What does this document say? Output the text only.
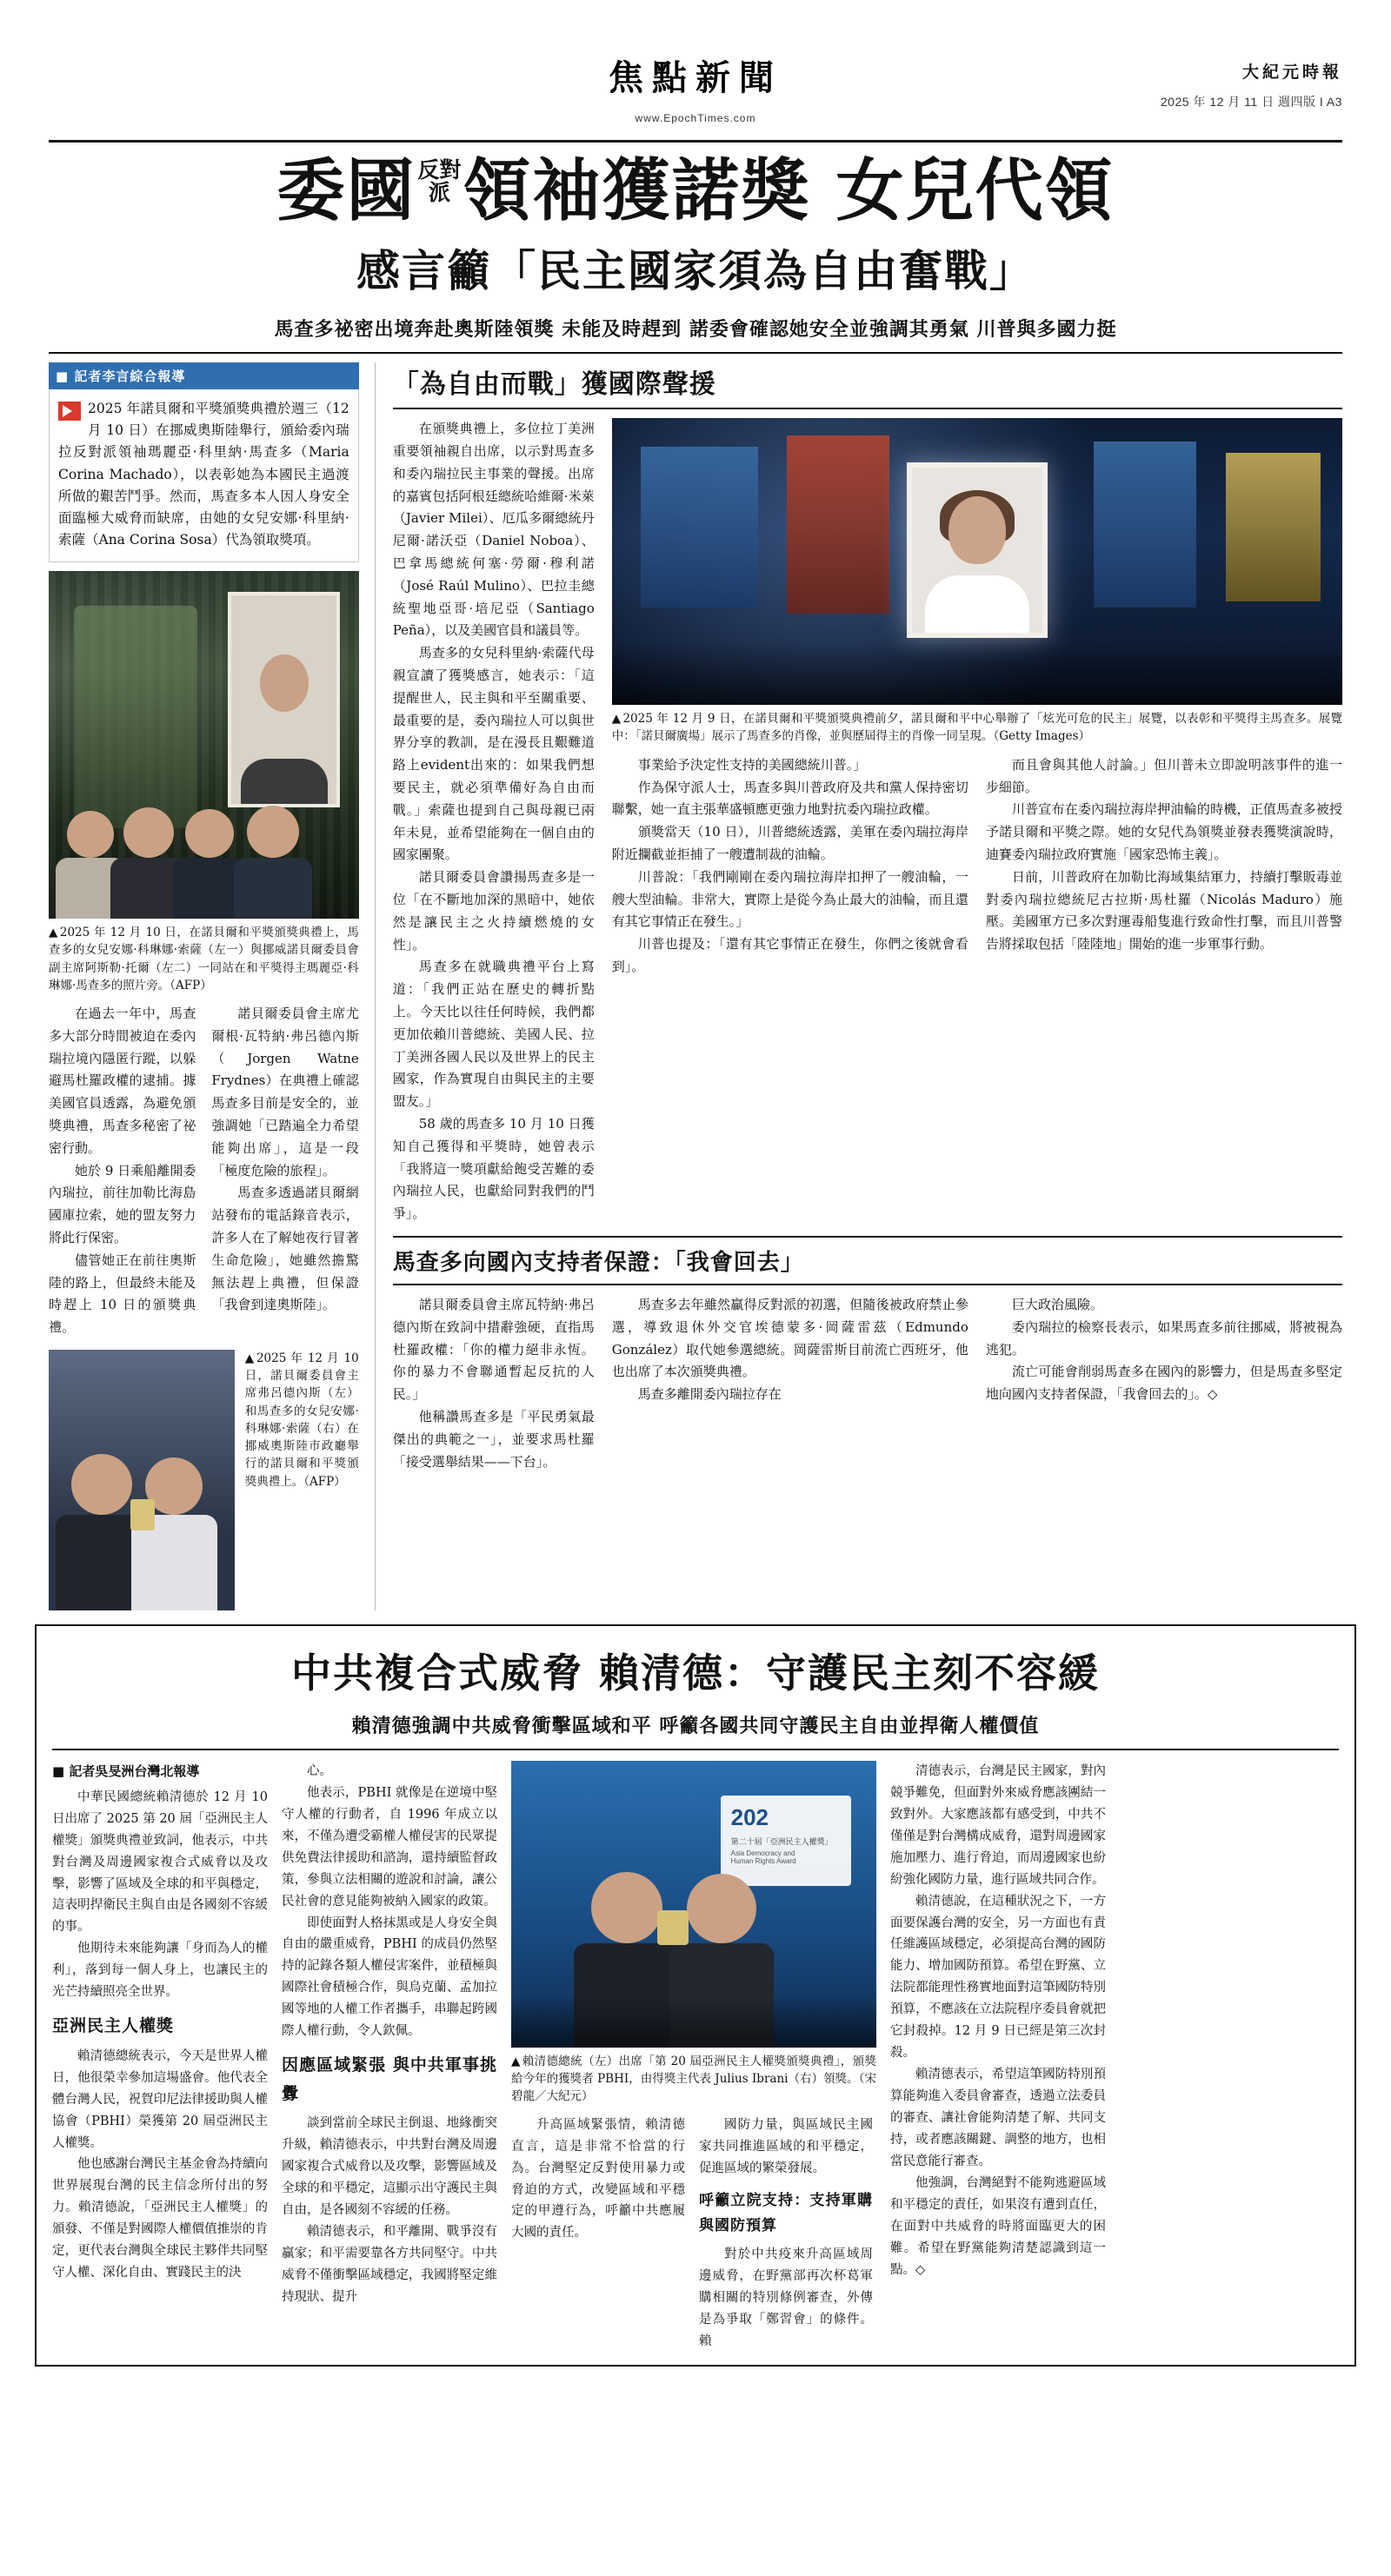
焦點新聞
www.EpochTimes.com
大紀元時報
2025 年 12 月 11 日 週四版 I A3
委國 反對
派 領袖獲諾獎 女兒代領
感言籲「民主國家須為自由奮戰」
馬查多祕密出境奔赴奧斯陸領獎 未能及時趕到 諾委會確認她安全並強調其勇氣 川普與多國力挺
■ 記者李言綜合報導
2025 年諾貝爾和平獎頒獎典禮於週三（12 月 10 日）在挪威奧斯陸舉行，頒給委內瑞拉反對派領袖瑪麗亞·科里納·馬查多（Maria Corina Machado），以表彰她為本國民主過渡所做的艱苦鬥爭。然而，馬查多本人因人身安全面臨極大威脅而缺席，由她的女兒安娜·科里納·索薩（Ana Corina Sosa）代為領取獎項。
▲ 2025 年 12 月 10 日，在諾貝爾和平獎頒獎典禮上，馬查多的女兒安娜·科琳娜·索薩（左一）與挪威諾貝爾委員會副主席阿斯勒·托爾（左二）一同站在和平獎得主瑪麗亞·科琳娜·馬查多的照片旁。（AFP）

在過去一年中，馬查多大部分時間被迫在委內瑞拉境內隱匿行蹤，以躲避馬杜羅政權的逮捕。據美國官員透露，為避免頒獎典禮，馬查多秘密了祕密行動。

她於 9 日乘船離開委內瑞拉，前往加勒比海島國庫拉索，她的盟友努力將此行保密。

儘管她正在前往奧斯陸的路上，但最終未能及時趕上 10 日的頒獎典禮。

諾貝爾委員會主席尤爾根·瓦特納·弗呂德內斯（Jorgen Watne Frydnes）在典禮上確認馬查多目前是安全的，並強調她「已踏遍全力希望能夠出席」，這是一段「極度危險的旅程」。

馬查多透過諾貝爾網站發布的電話錄音表示，許多人在了解她夜行冒著生命危險」，她雖然擔驚無法趕上典禮，但保證「我會到達奧斯陸」。

▲ 2025 年 12 月 10 日，諾貝爾委員會主席弗呂德內斯（左）和馬查多的女兒安娜·科琳娜·索薩（右）在挪威奧斯陸市政廳舉行的諾貝爾和平獎頒獎典禮上。（AFP）
「為自由而戰」獲國際聲援

在頒獎典禮上，多位拉丁美洲重要領袖親自出席，以示對馬查多和委內瑞拉民主事業的聲援。出席的嘉賓包括阿根廷總統哈維爾·米萊（Javier Milei）、厄瓜多爾總統丹尼爾·諾沃亞（Daniel Noboa）、巴拿馬總統何塞·勞爾·穆利諾（José Raúl Mulino）、巴拉圭總統聖地亞哥·培尼亞（Santiago Peña），以及美國官員和議員等。

馬查多的女兒科里納·索薩代母親宣讀了獲獎感言，她表示：「這提醒世人，民主與和平至關重要、最重要的是，委內瑞拉人可以與世界分享的教訓，是在漫長且艱難道路上evident出來的：如果我們想要民主，就必須準備好為自由而戰。」索薩也提到自己與母親已兩年未見，並希望能夠在一個自由的國家團聚。

諾貝爾委員會讚揚馬查多是一位「在不斷地加深的黑暗中，她依然是讓民主之火持續燃燒的女性」。

馬查多在就職典禮平台上寫道：「我們正站在歷史的轉折點上。今天比以往任何時候，我們都更加依賴川普總統、美國人民、拉丁美洲各國人民以及世界上的民主國家，作為實現自由與民主的主要盟友。」

58 歲的馬查多 10 月 10 日獲知自己獲得和平獎時，她曾表示「我將這一獎項獻給飽受苦難的委內瑞拉人民，也獻給同對我們的鬥爭」。

▲ 2025 年 12 月 9 日，在諾貝爾和平獎頒獎典禮前夕，諾貝爾和平中心舉辦了「炫光可危的民主」展覽，以表彰和平獎得主馬查多。展覽中：「諾貝爾廣場」展示了馬查多的肖像，並與歷屆得主的肖像一同呈現。（Getty Images）

事業給予決定性支持的美國總統川普。」

作為保守派人士，馬查多與川普政府及共和黨人保持密切聯繫，她一直主張華盛頓應更強力地對抗委內瑞拉政權。

頒獎當天（10 日），川普總統透露，美軍在委內瑞拉海岸附近攔截並拒捕了一艘遭制裁的油輪。

川普說：「我們剛剛在委內瑞拉海岸扣押了一艘油輪，一艘大型油輪。非常大，實際上是從今為止最大的油輪，而且還有其它事情正在發生。」

川普也提及：「還有其它事情正在發生，你們之後就會看到」。

而且會與其他人討論。」但川普未立即說明該事件的進一步細節。

川普宣布在委內瑞拉海岸押油輪的時機，正值馬查多被授予諾貝爾和平獎之際。她的女兒代為領獎並發表獲獎演說時，迪賽委內瑞拉政府實施「國家恐怖主義」。

日前，川普政府在加勒比海域集結軍力，持續打擊販毒並對委內瑞拉總統尼古拉斯·馬杜羅（Nicolás Maduro）施壓。美國軍方已多次對運毒船隻進行致命性打擊，而且川普警告將採取包括「陸陸地」開始的進一步軍事行動。

馬查多向國內支持者保證：「我會回去」

諾貝爾委員會主席瓦特納·弗呂德內斯在致詞中措辭強硬，直指馬杜羅政權：「你的權力絕非永恆。你的暴力不會聯通暫起反抗的人民。」

他稱讚馬查多是「平民勇氣最傑出的典範之一」，並要求馬杜羅「接受選舉結果——下台」。

馬查多去年雖然贏得反對派的初選，但隨後被政府禁止參選，導致退休外交官埃德蒙多·岡薩雷茲（Edmundo González）取代她參選總統。岡薩雷斯目前流亡西班牙，他也出席了本次頒獎典禮。

馬查多離開委內瑞拉存在

巨大政治風險。

委內瑞拉的檢察長表示，如果馬查多前往挪威，將被視為逃犯。

流亡可能會削弱馬查多在國內的影響力，但是馬查多堅定地向國內支持者保證，「我會回去的」。◇

中共複合式威脅 賴清德：守護民主刻不容緩
賴清德強調中共威脅衝擊區域和平 呼籲各國共同守護民主自由並捍衛人權價值

■ 記者吳旻洲台灣北報導

中華民國總統賴清德於 12 月 10 日出席了 2025 第 20 屆「亞洲民主人權獎」頒獎典禮並致詞，他表示，中共對台灣及周邊國家複合式威脅以及攻擊，影響了區域及全球的和平與穩定，這表明捍衛民主與自由是各國刻不容緩的事。

他期待未來能夠讓「身而為人的權利」，落到每一個人身上，也讓民主的光芒持續照亮全世界。

亞洲民主人權獎

賴清德總統表示，今天是世界人權日，他很榮幸參加這場盛會。他代表全體台灣人民，祝賀印尼法律援助與人權協會（PBHI）榮獲第 20 屆亞洲民主人權獎。

他也感謝台灣民主基金會為持續向世界展現台灣的民主信念所付出的努力。賴清德說，「亞洲民主人權獎」的頒發、不僅是對國際人權價值推崇的肯定，更代表台灣與全球民主夥伴共同堅守人權、深化自由、實踐民主的決

心。

他表示，PBHI 就像是在逆境中堅守人權的行動者，自 1996 年成立以來，不僅為遭受霸權人權侵害的民眾提供免費法律援助和諮詢，還持續監督政策，參與立法相關的遊說和討論，讓公民社會的意見能夠被納入國家的政策。

即使面對人格抹黑或是人身安全與自由的嚴重威脅，PBHI 的成員仍然堅持的記錄各類人權侵害案件，並積極與國際社會積極合作，與烏克蘭、孟加拉國等地的人權工作者攜手，串聯起跨國際人權行動，令人欽佩。

因應區域緊張 與中共軍事挑釁

談到當前全球民主倒退、地緣衝突升級，賴清德表示，中共對台灣及周邊國家複合式威脅以及攻擊，影響區域及全球的和平穩定，這顯示出守護民主與自由，是各國刻不容緩的任務。

賴清德表示，和平離開、戰爭沒有贏家；和平需要靠各方共同堅守。中共威脅不僅衝擊區域穩定，我國將堅定維持現狀、提升

202
第二十屆「亞洲民主人權獎」
Asia Democracy and
Human Rights Award
▲ 賴清德總統（左）出席「第 20 屆亞洲民主人權獎頒獎典禮」，頒獎給今年的獲獎者 PBHI，由得獎主代表 Julius Ibrani（右）領獎。（宋碧龍／大紀元）

升高區域緊張情，賴清德直言，這是非常不恰當的行為。台灣堅定反對使用暴力或脅迫的方式，改變區域和平穩定的甲遵行為，呼籲中共應履大國的責任。

國防力量，與區域民主國家共同推進區域的和平穩定，促進區域的繁榮發展。

呼籲立院支持：支持軍購與國防預算

對於中共疫來升高區域周邊威脅，在野黨部再次杯葛軍購相關的特別條例審查，外傳是為爭取「鄭習會」的條件。賴

清德表示，台灣是民主國家，對內競爭難免，但面對外來威脅應該團結一致對外。大家應該都有感受到，中共不僅僅是對台灣構成威脅，還對周邊國家施加壓力、進行脅迫，而周邊國家也紛紛強化國防力量，進行區域共同合作。

賴清德說，在這種狀況之下，一方面要保護台灣的安全，另一方面也有責任維護區域穩定，必須提高台灣的國防能力、增加國防預算。希望在野黨、立法院都能理性務實地面對這筆國防特別預算，不應該在立法院程序委員會就把它封殺掉。12 月 9 日已經是第三次封殺。

賴清德表示，希望這筆國防特別預算能夠進入委員會審查，透過立法委員的審查、讓社會能夠清楚了解、共同支持，或者應該關鍵、調整的地方，也相當民意能行審查。

他強調，台灣絕對不能夠逃避區域和平穩定的責任，如果沒有遭到直任，在面對中共威脅的時將面臨更大的困難。希望在野黨能夠清楚認識到這一點。◇
